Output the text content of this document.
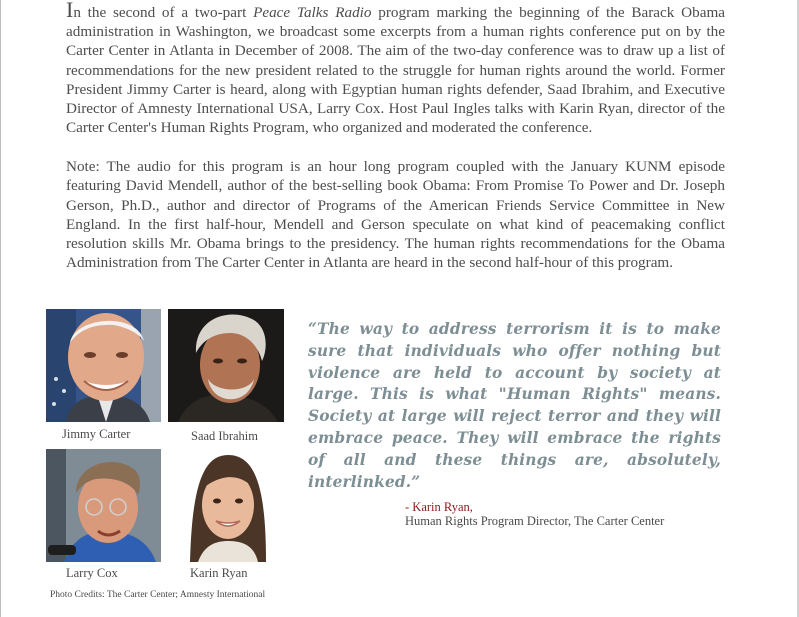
In the second of a two-part Peace Talks Radio program marking the beginning of the Barack Obama administration in Washington, we broadcast some excerpts from a human rights conference put on by the Carter Center in Atlanta in December of 2008. The aim of the two-day conference was to draw up a list of recommendations for the new president related to the struggle for human rights around the world. Former President Jimmy Carter is heard, along with Egyptian human rights defender, Saad Ibrahim, and Executive Director of Amnesty International USA, Larry Cox. Host Paul Ingles talks with Karin Ryan, director of the Carter Center's Human Rights Program, who organized and moderated the conference.

Note: The audio for this program is an hour long program coupled with the January KUNM episode featuring David Mendell, author of the best-selling book Obama: From Promise To Power and Dr. Joseph Gerson, Ph.D., author and director of Programs of the American Friends Service Committee in New England. In the first half-hour, Mendell and Gerson speculate on what kind of peacemaking conflict resolution skills Mr. Obama brings to the presidency. The human rights recommendations for the Obama Administration from The Carter Center in Atlanta are heard in the second half-hour of this program.

Jimmy Carter	Saad Ibrahim
Larry Cox	Karin Ryan
Photo Credits: The Carter Center; Amnesty International

“The way to address terrorism it is to make sure that individuals who offer nothing but violence are held to account by society at large. This is what "Human Rights" means. Society at large will reject terror and they will embrace peace. They will embrace the rights of all and these things are, absolutely, interlinked.”

- Karin Ryan,
Human Rights Program Director, The Carter Center
